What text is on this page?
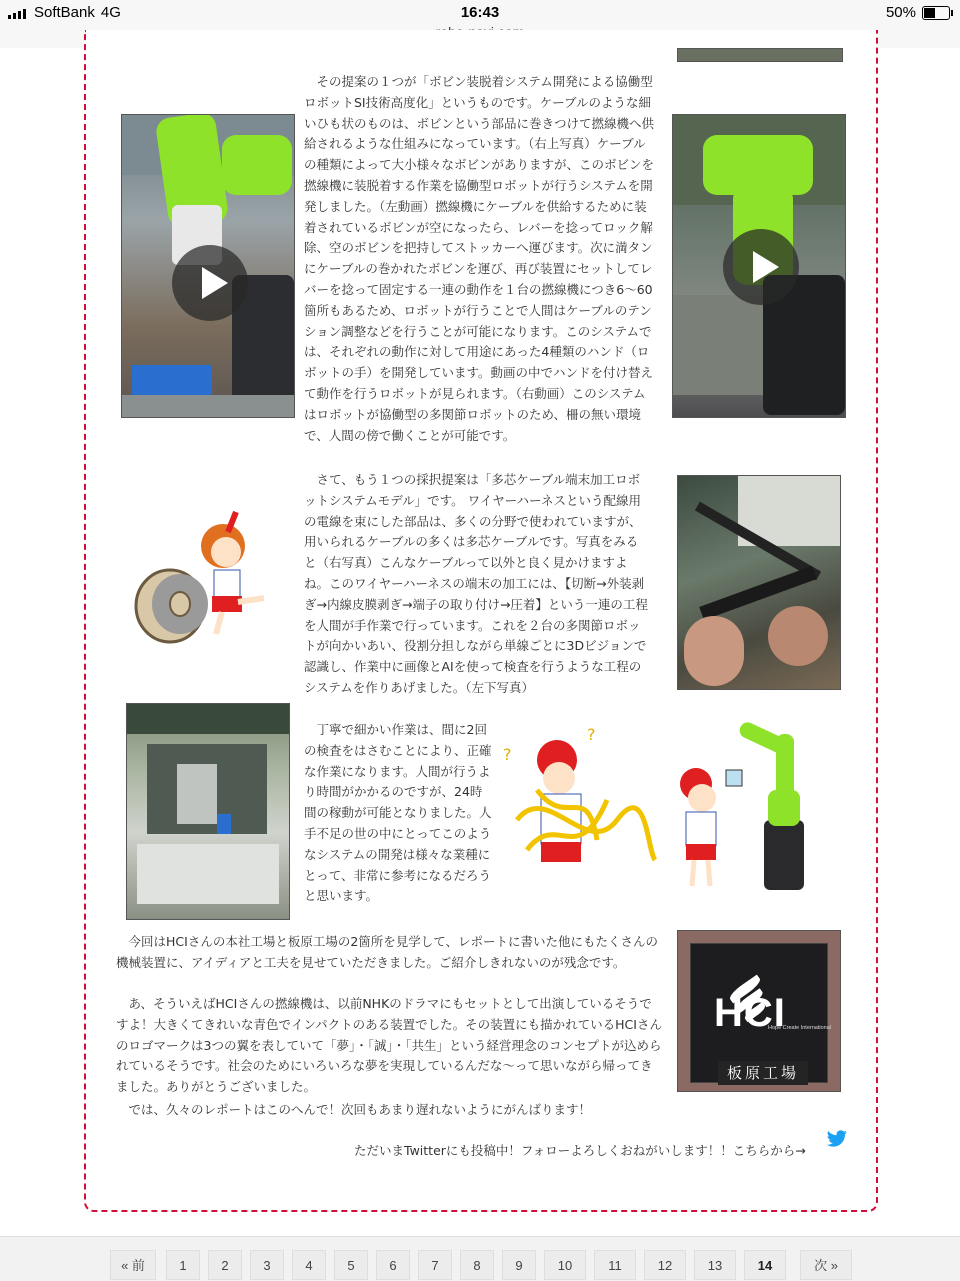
SoftBank 4G	16:43	50%

その提案の１つが「ボビン装脱着システム開発による協働型ロボットSI技術高度化」というものです。ケーブルのような細いひも状のものは、ボビンという部品に巻きつけて撚線機へ供給されるような仕組みになっています。（右上写真）ケーブルの種類によって大小様々なボビンがありますが、このボビンを撚線機に装脱着する作業を協働型ロボットが行うシステムを開発しました。（左動画）撚線機にケーブルを供給するために装着されているボビンが空になったら、レバーを捻ってロック解除、空のボビンを把持してストッカーへ運びます。次に満タンにケーブルの巻かれたボビンを運び、再び装置にセットしてレバーを捻って固定する一連の動作を１台の撚線機につき6〜60箇所もあるため、ロボットが行うことで人間はケーブルのテンション調整などを行うことが可能になります。このシステムでは、それぞれの動作に対して用途にあった4種類のハンド（ロボットの手）を開発しています。動画の中でハンドを付け替えて動作を行うロボットが見られます。（右動画）このシステムはロボットが協働型の多関節ロボットのため、柵の無い環境で、人間の傍で働くことが可能です。

さて、もう１つの採択提案は「多芯ケーブル端末加工ロボットシステムモデル」です。 ワイヤーハーネスという配線用の電線を束にした部品は、多くの分野で使われていますが、用いられるケーブルの多くは多芯ケーブルです。写真をみると（右写真）こんなケーブルって以外と良く見かけますよね。このワイヤーハーネスの端末の加工には、【切断→外装剥ぎ→内線皮膜剥ぎ→端子の取り付け→圧着】という一連の工程を人間が手作業で行っています。これを２台の多関節ロボットが向かいあい、役割分担しながら単線ごとに3Dビジョンで認識し、作業中に画像とAIを使って検査を行うような工程のシステムを作りあげました。（左下写真）

丁寧で細かい作業は、間に2回の検査をはさむことにより、正確な作業になります。人間が行うより時間がかかるのですが、24時間の稼動が可能となりました。人手不足の世の中にとってこのようなシステムの開発は様々な業種にとって、非常に参考になるだろうと思います。

?
?

今回はHCIさんの本社工場と板原工場の2箇所を見学して、レポートに書いた他にもたくさんの機械装置に、アイディアと工夫を見せていただきました。ご紹介しきれないのが残念です。

あ、そういえばHCIさんの撚線機は、以前NHKのドラマにもセットとして出演しているそうですよ！大きくてきれいな青色でインパクトのある装置でした。その装置にも描かれているHCIさんのロゴマークは3つの翼を表していて「夢」・「誠」・「共生」という経営理念のコンセプトが込められているそうです。社会のためにいろいろな夢を実現しているんだな〜って思いながら帰ってきました。ありがとうございました。

HCI
Hope Create International
板原工場

では、久々のレポートはこのへんで！次回もあまり遅れないようにがんばります！

ただいまTwitterにも投稿中！フォローよろしくおねがいします！！こちらから→
« 前	1	2	3	4	5	6	7	8	9	10	11	12	13	14	次 »
